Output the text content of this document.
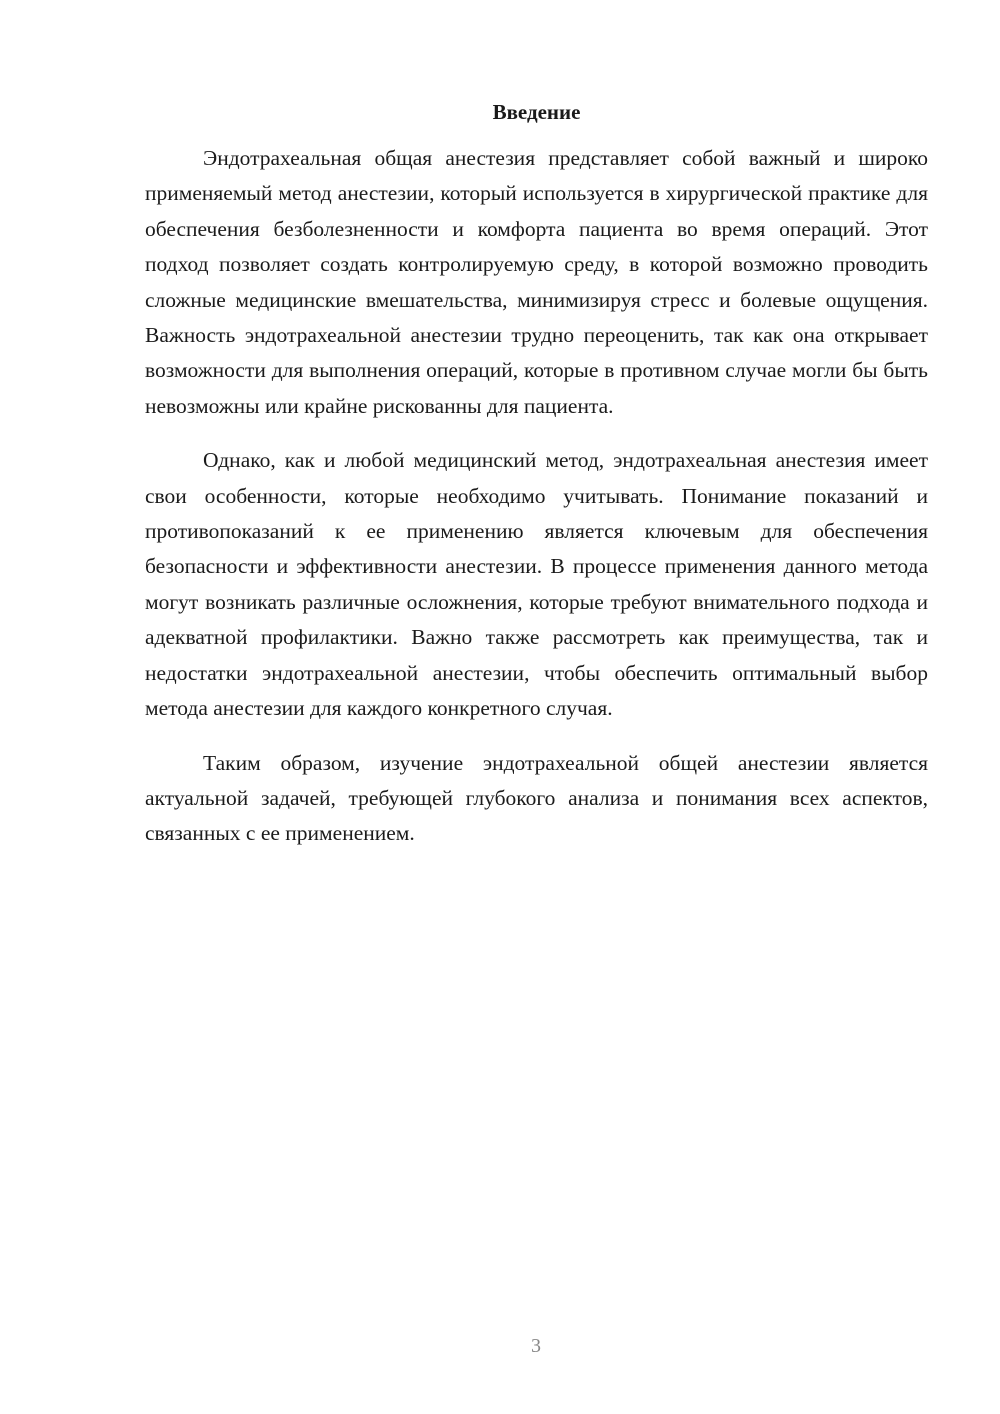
Введение

Эндотрахеальная общая анестезия представляет собой важный и широко применяемый метод анестезии, который используется в хирургической практике для обеспечения безболезненности и комфорта пациента во время операций. Этот подход позволяет создать контролируемую среду, в которой возможно проводить сложные медицинские вмешательства, минимизируя стресс и болевые ощущения. Важность эндотрахеальной анестезии трудно переоценить, так как она открывает возможности для выполнения операций, которые в противном случае могли бы быть невозможны или крайне рискованны для пациента.

Однако, как и любой медицинский метод, эндотрахеальная анестезия имеет свои особенности, которые необходимо учитывать. Понимание показаний и противопоказаний к ее применению является ключевым для обеспечения безопасности и эффективности анестезии. В процессе применения данного метода могут возникать различные осложнения, которые требуют внимательного подхода и адекватной профилактики. Важно также рассмотреть как преимущества, так и недостатки эндотрахеальной анестезии, чтобы обеспечить оптимальный выбор метода анестезии для каждого конкретного случая.

Таким образом, изучение эндотрахеальной общей анестезии является актуальной задачей, требующей глубокого анализа и понимания всех аспектов, связанных с ее применением.

3
